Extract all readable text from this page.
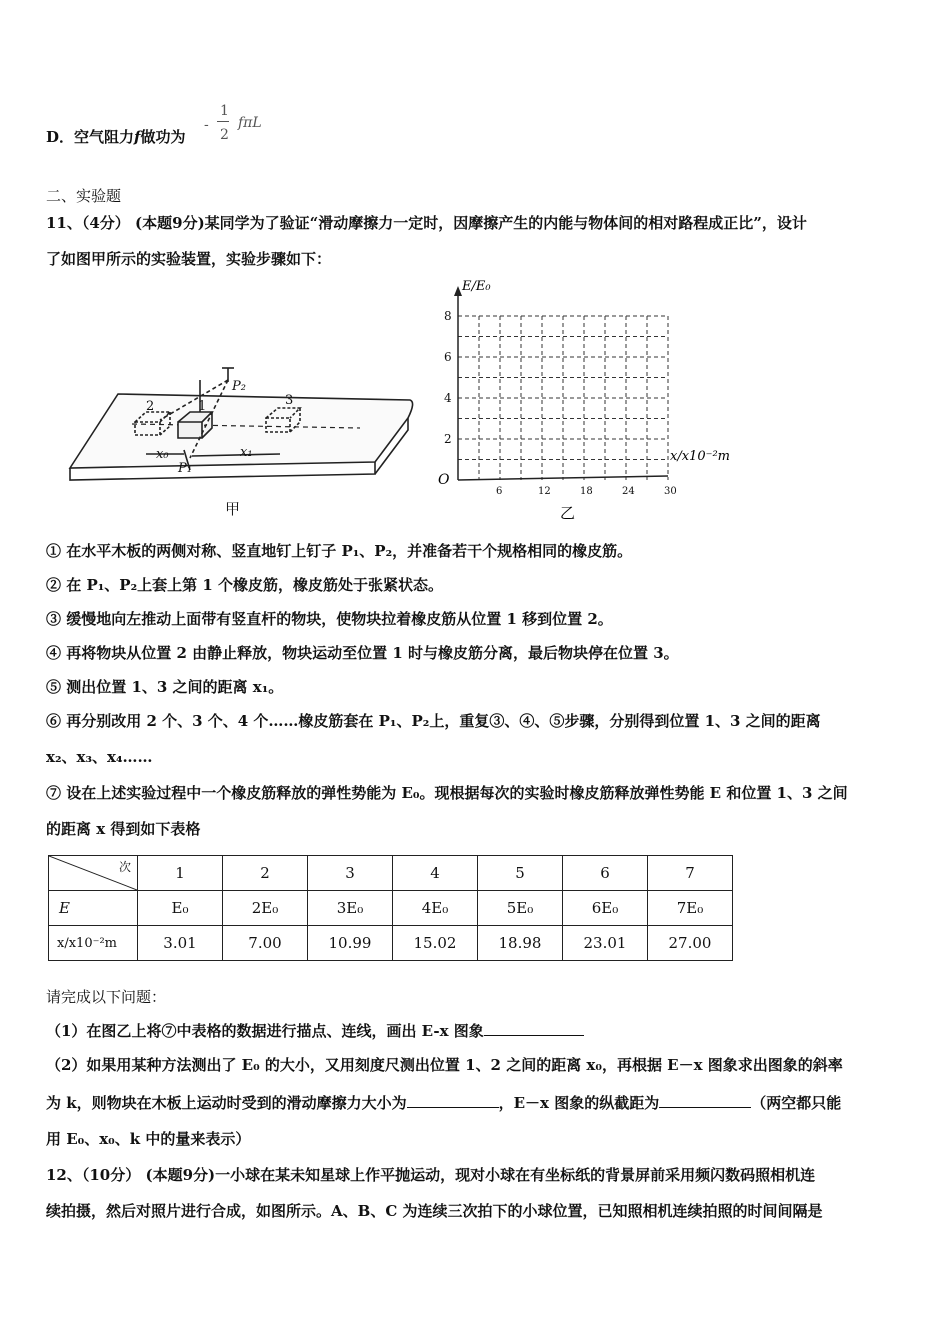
D．空气阻力f做功为
-
1
2
fπL
二、实验题
11、（4分） (本题9分)某同学为了验证“滑动摩擦力一定时，因摩擦产生的内能与物体间的相对路程成正比”，设计
了如图甲所示的实验装置，实验步骤如下：
P₂
P₁
2	1	3
x₀	x₁
甲
6	12	18	24	30
2
4
6
8
E/E₀
x/x10⁻²m
O
乙
① 在水平木板的两侧对称、竖直地钉上钉子 P₁、P₂，并准备若干个规格相同的橡皮筋。
② 在 P₁、P₂上套上第 1 个橡皮筋，橡皮筋处于张紧状态。
③ 缓慢地向左推动上面带有竖直杆的物块，使物块拉着橡皮筋从位置 1 移到位置 2。
④ 再将物块从位置 2 由静止释放，物块运动至位置 1 时与橡皮筋分离，最后物块停在位置 3。
⑤ 测出位置 1、3 之间的距离 x₁。
⑥ 再分别改用 2 个、3 个、4 个……橡皮筋套在 P₁、P₂上，重复③、④、⑤步骤，分别得到位置 1、3 之间的距离
x₂、x₃、x₄……
⑦ 设在上述实验过程中一个橡皮筋释放的弹性势能为 E₀。现根据每次的实验时橡皮筋释放弹性势能 E 和位置 1、3 之间
的距离 x 得到如下表格
次	1	2	3	4	5	6	7
E	E₀	2E₀	3E₀	4E₀	5E₀	6E₀	7E₀
x/x10⁻²m	3.01	7.00	10.99	15.02	18.98	23.01	27.00
请完成以下问题：
（1）在图乙上将⑦中表格的数据进行描点、连线，画出 E-x 图象
（2）如果用某种方法测出了 E₀ 的大小，又用刻度尺测出位置 1、2 之间的距离 x₀，再根据 E－x 图象求出图象的斜率
为 k，则物块在木板上运动时受到的滑动摩擦力大小为	，E－x 图象的纵截距为	（两空都只能
用 E₀、x₀、k 中的量来表示）
12、（10分） (本题9分)一小球在某未知星球上作平抛运动，现对小球在有坐标纸的背景屏前采用频闪数码照相机连
续拍摄，然后对照片进行合成，如图所示。A、B、C 为连续三次拍下的小球位置，已知照相机连续拍照的时间间隔是
